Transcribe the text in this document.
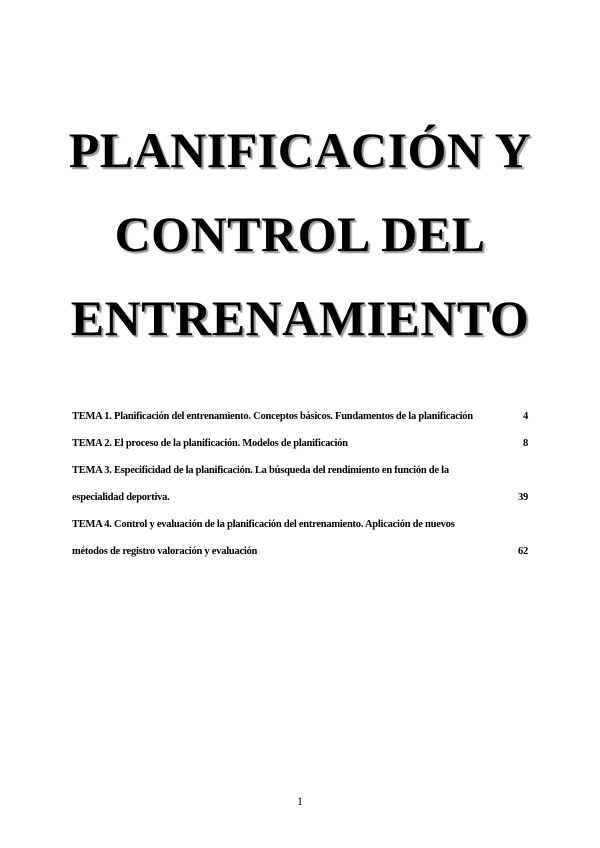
PLANIFICACIÓN Y
CONTROL DEL
ENTRENAMIENTO
TEMA 1. Planificación del entrenamiento. Conceptos básicos. Fundamentos de la planificación	4
TEMA 2. El proceso de la planificación. Modelos de planificación	8
TEMA 3. Especificidad de la planificación. La búsqueda del rendimiento en función de la
especialidad deportiva.	39
TEMA 4. Control y evaluación de la planificación del entrenamiento. Aplicación de nuevos
métodos de registro valoración y evaluación	62
1
